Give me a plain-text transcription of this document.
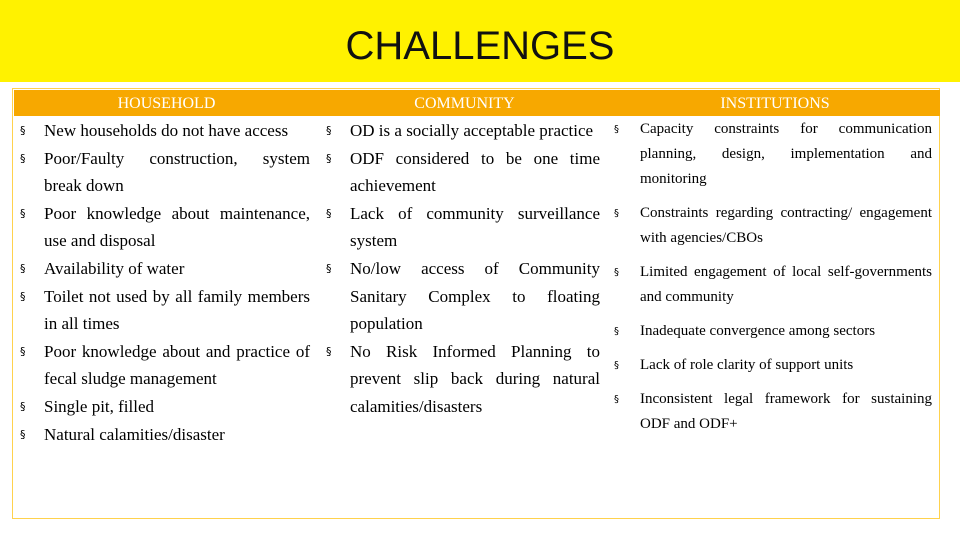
CHALLENGES
HOUSEHOLD	COMMUNITY	INSTITUTIONS
§ New households do not have access
§ Poor/Faulty construction, system break down
§ Poor knowledge about maintenance, use and disposal
§ Availability of water
§ Toilet not used by all family members in all times
§ Poor knowledge about and practice of fecal sludge management
§ Single pit, filled
§ Natural calamities/disaster
§ OD is a socially acceptable practice
§ ODF considered to be one time achievement
§ Lack of community surveillance system
§ No/low access of Community Sanitary Complex to floating population
§ No Risk Informed Planning to prevent slip back during natural calamities/disasters
§ Capacity constraints for communication planning, design, implementation and monitoring
§ Constraints regarding contracting/ engagement with agencies/CBOs
§ Limited engagement of local self-governments and community
§ Inadequate convergence among sectors
§ Lack of role clarity of support units
§ Inconsistent legal framework for sustaining ODF and ODF+
